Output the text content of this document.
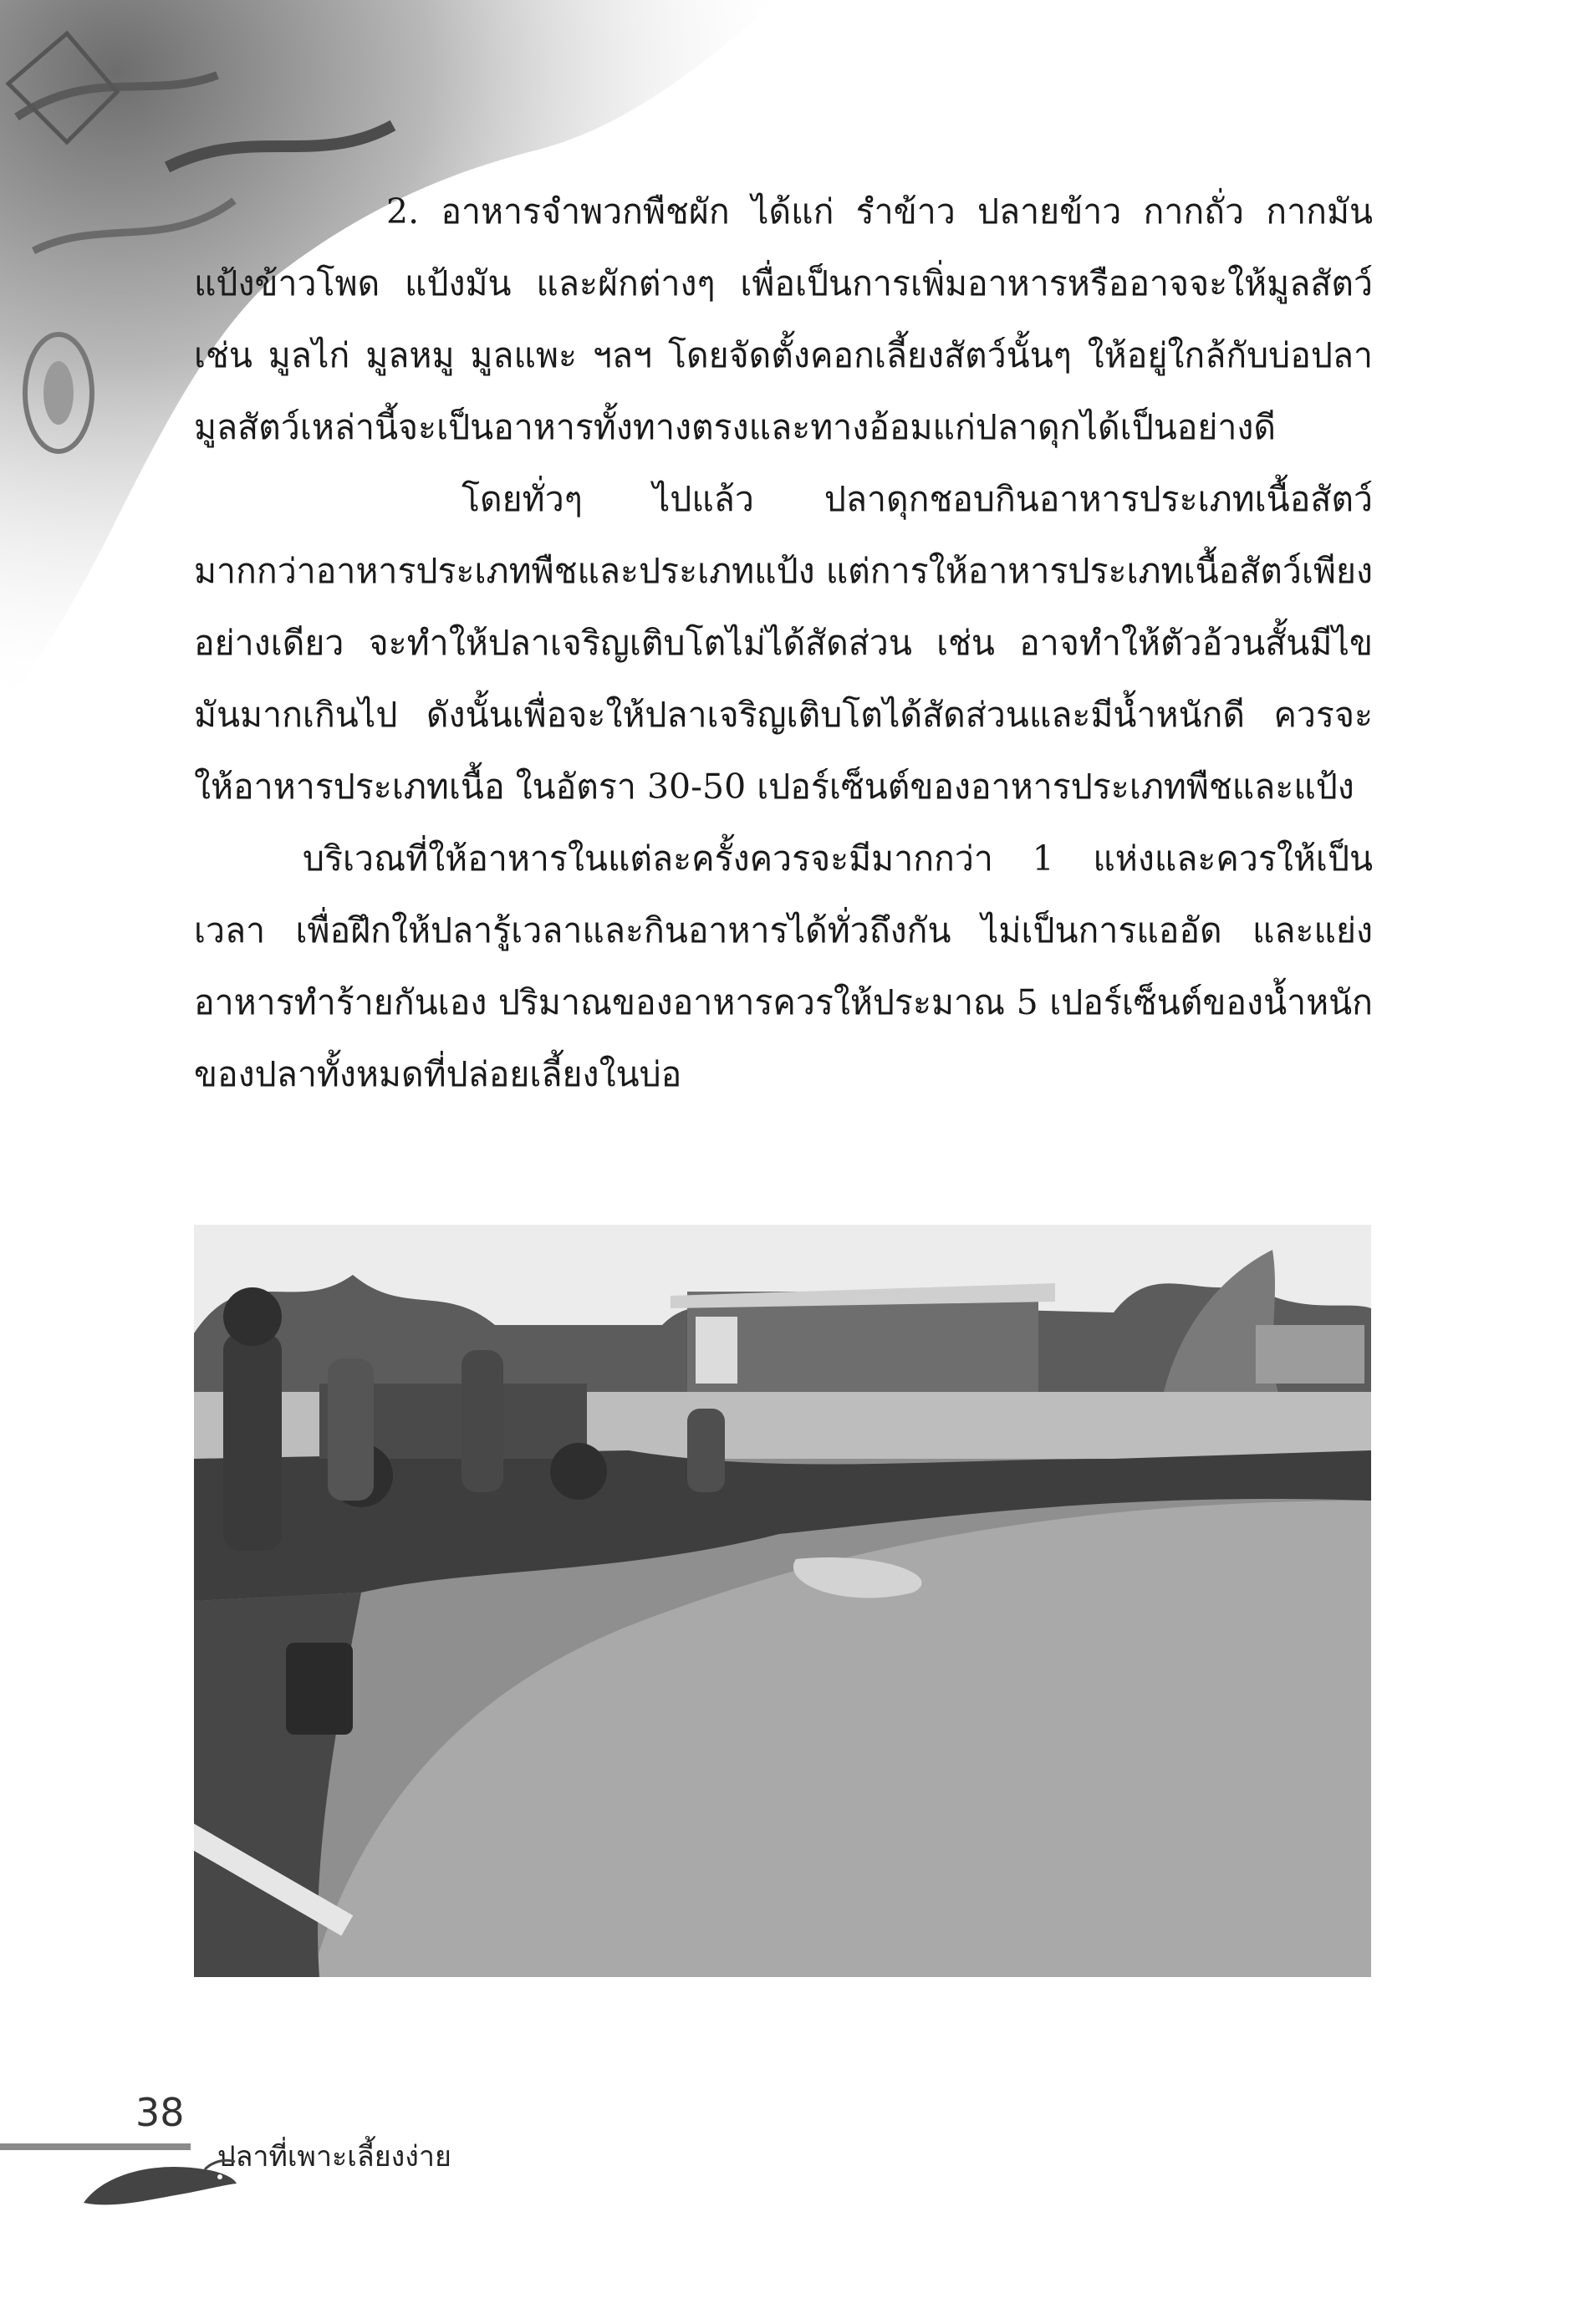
2. อาหารจำพวกพืชผัก ได้แก่ รำข้าว ปลายข้าว กากถั่ว กากมัน แป้งข้าวโพด แป้งมัน และผักต่างๆ เพื่อเป็นการเพิ่มอาหารหรืออาจจะให้มูลสัตว์ เช่น มูลไก่ มูลหมู มูลแพะ ฯลฯ โดยจัดตั้งคอกเลี้ยงสัตว์นั้นๆ ให้อยู่ใกล้กับบ่อปลา มูลสัตว์เหล่านี้จะเป็นอาหารทั้งทางตรงและทางอ้อมแก่ปลาดุกได้เป็นอย่างดี

โดยทั่วๆ ไปแล้ว ปลาดุกชอบกินอาหารประเภทเนื้อสัตว์มากกว่าอาหารประเภทพืชและประเภทแป้ง แต่การให้อาหารประเภทเนื้อสัตว์เพียงอย่างเดียว จะทำให้ปลาเจริญเติบโตไม่ได้สัดส่วน เช่น อาจทำให้ตัวอ้วนสั้นมีไขมันมากเกินไป ดังนั้นเพื่อจะให้ปลาเจริญเติบโตได้สัดส่วนและมีน้ำหนักดี ควรจะให้อาหารประเภทเนื้อ ในอัตรา 30-50 เปอร์เซ็นต์ของอาหารประเภทพืชและแป้ง

บริเวณที่ให้อาหารในแต่ละครั้งควรจะมีมากกว่า 1 แห่งและควรให้เป็นเวลา เพื่อฝึกให้ปลารู้เวลาและกินอาหารได้ทั่วถึงกัน ไม่เป็นการแออัด และแย่งอาหารทำร้ายกันเอง ปริมาณของอาหารควรให้ประมาณ 5 เปอร์เซ็นต์ของน้ำหนักของปลาทั้งหมดที่ปล่อยเลี้ยงในบ่อ

38
ปลาที่เพาะเลี้ยงง่าย
